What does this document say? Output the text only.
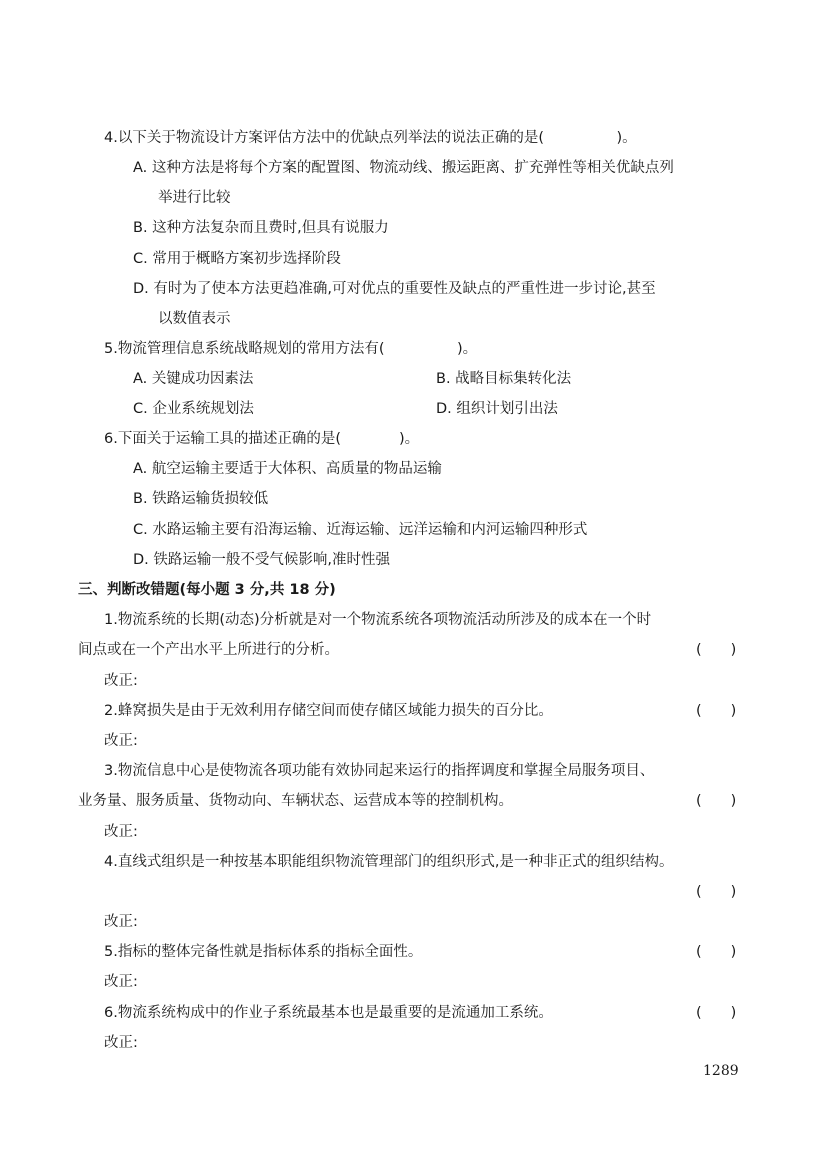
4.以下关于物流设计方案评估方法中的优缺点列举法的说法正确的是(　　　　　)。
A. 这种方法是将每个方案的配置图、物流动线、搬运距离、扩充弹性等相关优缺点列
举进行比较
B. 这种方法复杂而且费时,但具有说服力
C. 常用于概略方案初步选择阶段
D. 有时为了使本方法更趋准确,可对优点的重要性及缺点的严重性进一步讨论,甚至
以数值表示
5.物流管理信息系统战略规划的常用方法有(　　　　　)。
A. 关键成功因素法	B. 战略目标集转化法
C. 企业系统规划法	D. 组织计划引出法
6.下面关于运输工具的描述正确的是(　　　　)。
A. 航空运输主要适于大体积、高质量的物品运输
B. 铁路运输货损较低
C. 水路运输主要有沿海运输、近海运输、远洋运输和内河运输四种形式
D. 铁路运输一般不受气候影响,准时性强
三、判断改错题(每小题 3 分,共 18 分)
1.物流系统的长期(动态)分析就是对一个物流系统各项物流活动所涉及的成本在一个时
间点或在一个产出水平上所进行的分析。	(　　)
改正:
2.蜂窝损失是由于无效利用存储空间而使存储区域能力损失的百分比。	(　　)
改正:
3.物流信息中心是使物流各项功能有效协同起来运行的指挥调度和掌握全局服务项目、
业务量、服务质量、货物动向、车辆状态、运营成本等的控制机构。	(　　)
改正:
4.直线式组织是一种按基本职能组织物流管理部门的组织形式,是一种非正式的组织结构。
(　　)
改正:
5.指标的整体完备性就是指标体系的指标全面性。	(　　)
改正:
6.物流系统构成中的作业子系统最基本也是最重要的是流通加工系统。	(　　)
改正:
1289
